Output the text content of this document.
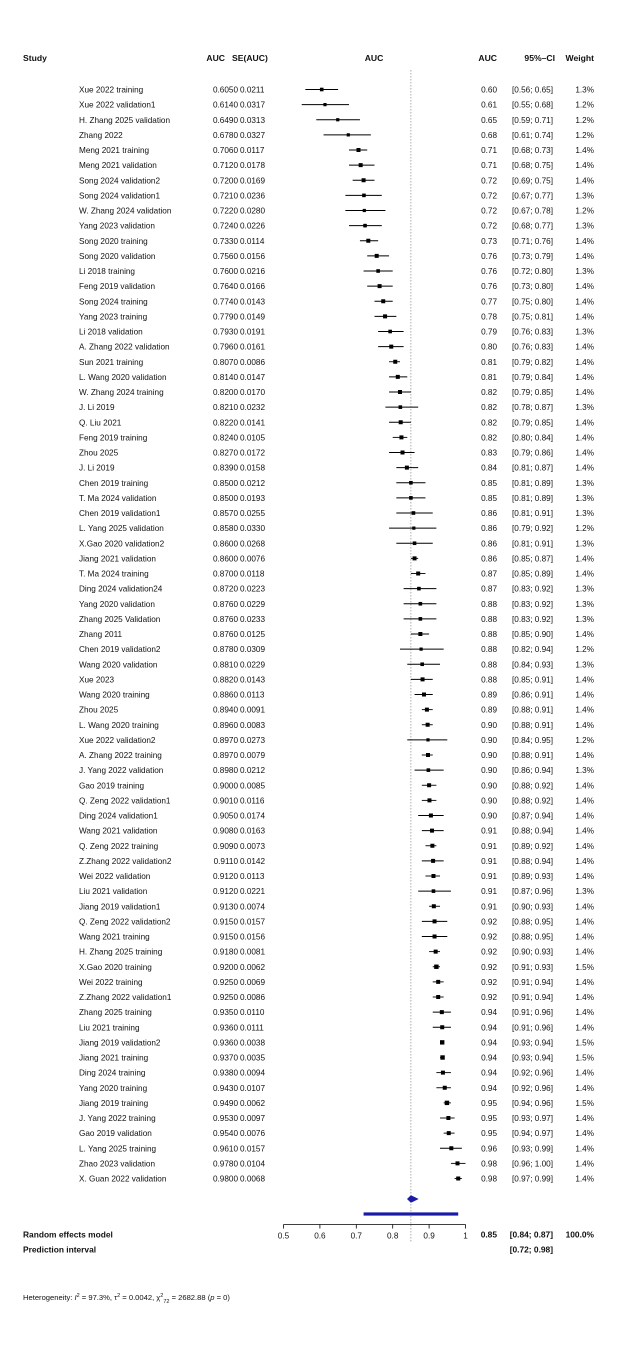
Study	AUC SE(AUC)	AUC	AUC	95%–CI Weight
Xue 2022 training	0.6050 0.0211	0.60 [0.56; 0.65]	1.3%
Xue 2022 validation1	0.6140 0.0317	0.61 [0.55; 0.68]	1.2%
H. Zhang 2025 validation	0.6490 0.0313	0.65 [0.59; 0.71]	1.2%
Zhang 2022	0.6780 0.0327	0.68 [0.61; 0.74]	1.2%
Meng 2021 training	0.7060 0.0117	0.71 [0.68; 0.73]	1.4%
Meng 2021 validation	0.7120 0.0178	0.71 [0.68; 0.75]	1.4%
Song 2024 validation2	0.7200 0.0169	0.72 [0.69; 0.75]	1.4%
Song 2024 validation1	0.7210 0.0236	0.72 [0.67; 0.77]	1.3%
W. Zhang 2024 validation	0.7220 0.0280	0.72 [0.67; 0.78]	1.2%
Yang 2023 validation	0.7240 0.0226	0.72 [0.68; 0.77]	1.3%
Song 2020 training	0.7330 0.0114	0.73 [0.71; 0.76]	1.4%
Song 2020 validation	0.7560 0.0156	0.76 [0.73; 0.79]	1.4%
Li 2018 training	0.7600 0.0216	0.76 [0.72; 0.80]	1.3%
Feng 2019 validation	0.7640 0.0166	0.76 [0.73; 0.80]	1.4%
Song 2024 training	0.7740 0.0143	0.77 [0.75; 0.80]	1.4%
Yang 2023 training	0.7790 0.0149	0.78 [0.75; 0.81]	1.4%
Li 2018 validation	0.7930 0.0191	0.79 [0.76; 0.83]	1.3%
A. Zhang 2022 validation	0.7960 0.0161	0.80 [0.76; 0.83]	1.4%
Sun 2021 training	0.8070 0.0086	0.81 [0.79; 0.82]	1.4%
L. Wang 2020 validation	0.8140 0.0147	0.81 [0.79; 0.84]	1.4%
W. Zhang 2024 training	0.8200 0.0170	0.82 [0.79; 0.85]	1.4%
J. Li 2019	0.8210 0.0232	0.82 [0.78; 0.87]	1.3%
Q. Liu 2021	0.8220 0.0141	0.82 [0.79; 0.85]	1.4%
Feng 2019 training	0.8240 0.0105	0.82 [0.80; 0.84]	1.4%
Zhou 2025	0.8270 0.0172	0.83 [0.79; 0.86]	1.4%
J. Li 2019	0.8390 0.0158	0.84 [0.81; 0.87]	1.4%
Chen 2019 training	0.8500 0.0212	0.85 [0.81; 0.89]	1.3%
T. Ma 2024 validation	0.8500 0.0193	0.85 [0.81; 0.89]	1.3%
Chen 2019 validation1	0.8570 0.0255	0.86 [0.81; 0.91]	1.3%
L. Yang 2025 validation	0.8580 0.0330	0.86 [0.79; 0.92]	1.2%
X.Gao 2020 validation2	0.8600 0.0268	0.86 [0.81; 0.91]	1.3%
Jiang 2021 validation	0.8600 0.0076	0.86 [0.85; 0.87]	1.4%
T. Ma 2024 training	0.8700 0.0118	0.87 [0.85; 0.89]	1.4%
Ding 2024 validation24	0.8720 0.0223	0.87 [0.83; 0.92]	1.3%
Yang 2020 validation	0.8760 0.0229	0.88 [0.83; 0.92]	1.3%
Zhang 2025 Validation	0.8760 0.0233	0.88 [0.83; 0.92]	1.3%
Zhang 2011	0.8760 0.0125	0.88 [0.85; 0.90]	1.4%
Chen 2019 validation2	0.8780 0.0309	0.88 [0.82; 0.94]	1.2%
Wang 2020 validation	0.8810 0.0229	0.88 [0.84; 0.93]	1.3%
Xue 2023	0.8820 0.0143	0.88 [0.85; 0.91]	1.4%
Wang 2020 training	0.8860 0.0113	0.89 [0.86; 0.91]	1.4%
Zhou 2025	0.8940 0.0091	0.89 [0.88; 0.91]	1.4%
L. Wang 2020 training	0.8960 0.0083	0.90 [0.88; 0.91]	1.4%
Xue 2022 validation2	0.8970 0.0273	0.90 [0.84; 0.95]	1.2%
A. Zhang 2022 training	0.8970 0.0079	0.90 [0.88; 0.91]	1.4%
J. Yang 2022 validation	0.8980 0.0212	0.90 [0.86; 0.94]	1.3%
Gao 2019 training	0.9000 0.0085	0.90 [0.88; 0.92]	1.4%
Q. Zeng 2022 validation1	0.9010 0.0116	0.90 [0.88; 0.92]	1.4%
Ding 2024 validation1	0.9050 0.0174	0.90 [0.87; 0.94]	1.4%
Wang 2021 validation	0.9080 0.0163	0.91 [0.88; 0.94]	1.4%
Q. Zeng 2022 training	0.9090 0.0073	0.91 [0.89; 0.92]	1.4%
Z.Zhang 2022 validation2	0.9110 0.0142	0.91 [0.88; 0.94]	1.4%
Wei 2022 validation	0.9120 0.0113	0.91 [0.89; 0.93]	1.4%
Liu 2021 validation	0.9120 0.0221	0.91 [0.87; 0.96]	1.3%
Jiang 2019 validation1	0.9130 0.0074	0.91 [0.90; 0.93]	1.4%
Q. Zeng 2022 validation2	0.9150 0.0157	0.92 [0.88; 0.95]	1.4%
Wang 2021 training	0.9150 0.0156	0.92 [0.88; 0.95]	1.4%
H. Zhang 2025 training	0.9180 0.0081	0.92 [0.90; 0.93]	1.4%
X.Gao 2020 training	0.9200 0.0062	0.92 [0.91; 0.93]	1.5%
Wei 2022 training	0.9250 0.0069	0.92 [0.91; 0.94]	1.4%
Z.Zhang 2022 validation1	0.9250 0.0086	0.92 [0.91; 0.94]	1.4%
Zhang 2025 training	0.9350 0.0110	0.94 [0.91; 0.96]	1.4%
Liu 2021 training	0.9360 0.0111	0.94 [0.91; 0.96]	1.4%
Jiang 2019 validation2	0.9360 0.0038	0.94 [0.93; 0.94]	1.5%
Jiang 2021 training	0.9370 0.0035	0.94 [0.93; 0.94]	1.5%
Ding 2024 training	0.9380 0.0094	0.94 [0.92; 0.96]	1.4%
Yang 2020 training	0.9430 0.0107	0.94 [0.92; 0.96]	1.4%
Jiang 2019 training	0.9490 0.0062	0.95 [0.94; 0.96]	1.5%
J. Yang 2022 training	0.9530 0.0097	0.95 [0.93; 0.97]	1.4%
Gao 2019 validation	0.9540 0.0076	0.95 [0.94; 0.97]	1.4%
L. Yang 2025 training	0.9610 0.0157	0.96 [0.93; 0.99]	1.4%
Zhao 2023 validation	0.9780 0.0104	0.98 [0.96; 1.00]	1.4%
X. Guan 2022 validation	0.9800 0.0068	0.98 [0.97; 0.99]	1.4%
Random effects model	0.85 [0.84; 0.87] 100.0%
Prediction interval	[0.72; 0.98]
0.5	0.6	0.7	0.8	0.9	1
Heterogeneity: $I^2 = 97.3\%$, $\tau^2 = 0.0042$, $\chi^2_{72} = 2682.88$ (p = 0)
